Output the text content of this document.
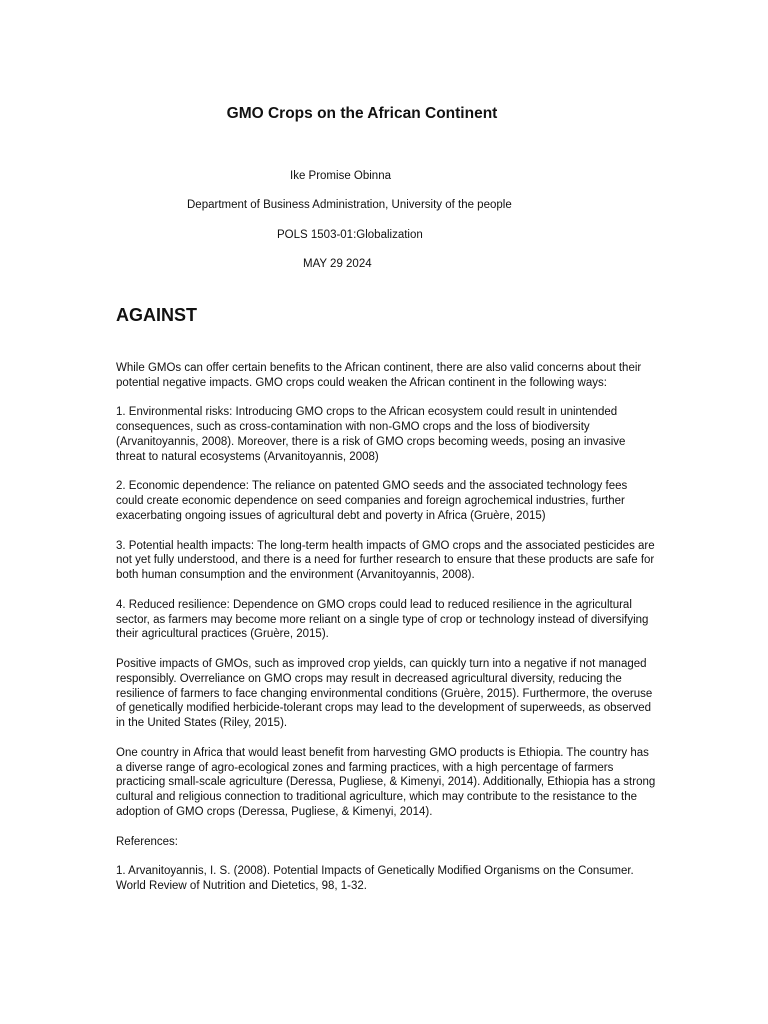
GMO Crops on the African Continent
Ike Promise Obinna
Department of Business Administration, University of the people
POLS 1503-01:Globalization
MAY 29 2024
AGAINST

While GMOs can offer certain benefits to the African continent, there are also valid concerns about their potential negative impacts. GMO crops could weaken the African continent in the following ways:

1. Environmental risks: Introducing GMO crops to the African ecosystem could result in unintended consequences, such as cross-contamination with non-GMO crops and the loss of biodiversity (Arvanitoyannis, 2008). Moreover, there is a risk of GMO crops becoming weeds, posing an invasive threat to natural ecosystems (Arvanitoyannis, 2008)

2. Economic dependence: The reliance on patented GMO seeds and the associated technology fees could create economic dependence on seed companies and foreign agrochemical industries, further exacerbating ongoing issues of agricultural debt and poverty in Africa (Gruère, 2015)

3. Potential health impacts: The long-term health impacts of GMO crops and the associated pesticides are not yet fully understood, and there is a need for further research to ensure that these products are safe for both human consumption and the environment (Arvanitoyannis, 2008).

4. Reduced resilience: Dependence on GMO crops could lead to reduced resilience in the agricultural sector, as farmers may become more reliant on a single type of crop or technology instead of diversifying their agricultural practices (Gruère, 2015).

Positive impacts of GMOs, such as improved crop yields, can quickly turn into a negative if not managed responsibly. Overreliance on GMO crops may result in decreased agricultural diversity, reducing the resilience of farmers to face changing environmental conditions (Gruère, 2015). Furthermore, the overuse of genetically modified herbicide-tolerant crops may lead to the development of superweeds, as observed in the United States (Riley, 2015).

One country in Africa that would least benefit from harvesting GMO products is Ethiopia. The country has a diverse range of agro-ecological zones and farming practices, with a high percentage of farmers practicing small-scale agriculture (Deressa, Pugliese, & Kimenyi, 2014). Additionally, Ethiopia has a strong cultural and religious connection to traditional agriculture, which may contribute to the resistance to the adoption of GMO crops (Deressa, Pugliese, & Kimenyi, 2014).

References:

1. Arvanitoyannis, I. S. (2008). Potential Impacts of Genetically Modified Organisms on the Consumer. World Review of Nutrition and Dietetics, 98, 1-32.
